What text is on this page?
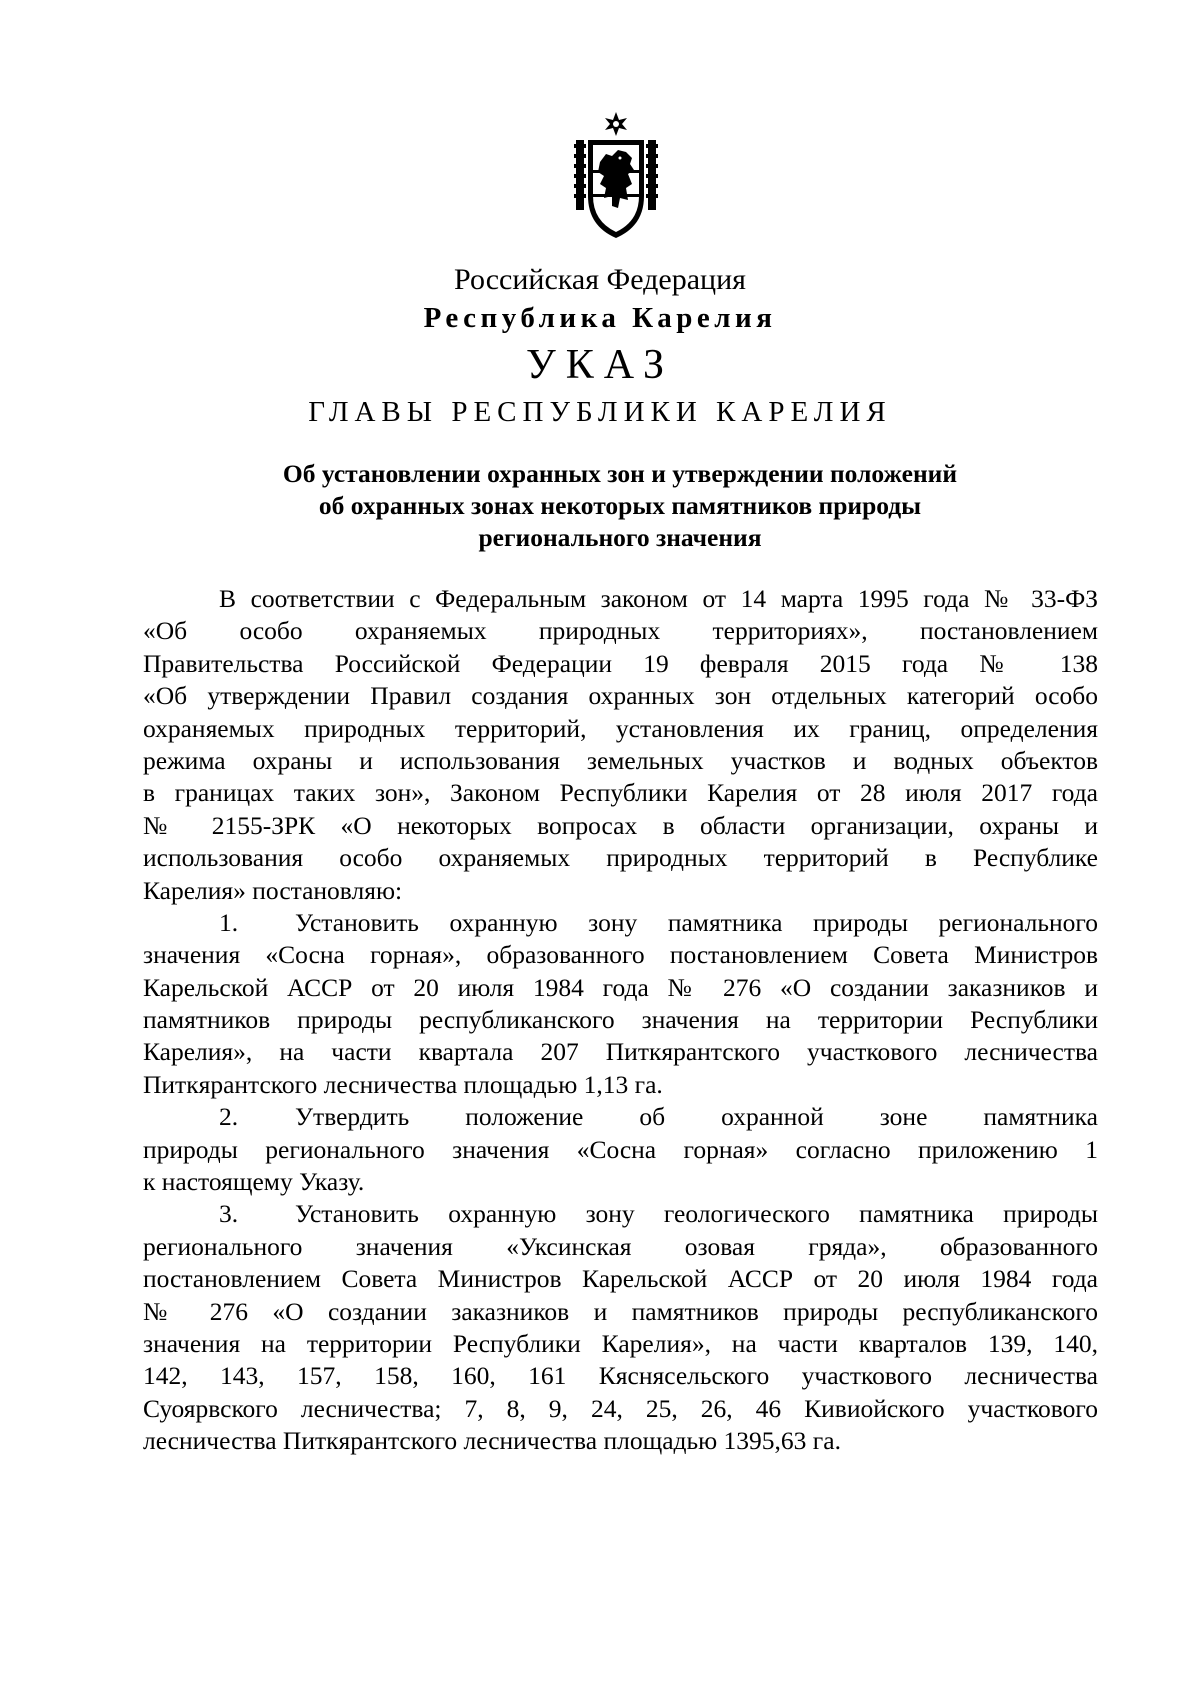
Российская Федерация
Республика Карелия
УКАЗ
ГЛАВЫ РЕСПУБЛИКИ КАРЕЛИЯ
Об установлении охранных зон и утверждении положений
об охранных зонах некоторых памятников природы
регионального значения
В соответствии с Федеральным законом от 14 марта 1995 года № 33-ФЗ
«Об особо охраняемых природных территориях», постановлением
Правительства Российской Федерации 19 февраля 2015 года № 138
«Об утверждении Правил создания охранных зон отдельных категорий особо
охраняемых природных территорий, установления их границ, определения
режима охраны и использования земельных участков и водных объектов
в границах таких зон», Законом Республики Карелия от 28 июля 2017 года
№ 2155-ЗРК «О некоторых вопросах в области организации, охраны и
использования особо охраняемых природных территорий в Республике
Карелия» постановляю:
1. Установить охранную зону памятника природы регионального
значения «Сосна горная», образованного постановлением Совета Министров
Карельской АССР от 20 июля 1984 года № 276 «О создании заказников и
памятников природы республиканского значения на территории Республики
Карелия», на части квартала 207 Питкярантского участкового лесничества
Питкярантского лесничества площадью 1,13 га.
2. Утвердить положение об охранной зоне памятника
природы регионального значения «Сосна горная» согласно приложению 1
к настоящему Указу.
3. Установить охранную зону геологического памятника природы
регионального значения «Уксинская озовая гряда», образованного
постановлением Совета Министров Карельской АССР от 20 июля 1984 года
№ 276 «О создании заказников и памятников природы республиканского
значения на территории Республики Карелия», на части кварталов 139, 140,
142, 143, 157, 158, 160, 161 Кяснясельского участкового лесничества
Суоярвского лесничества; 7, 8, 9, 24, 25, 26, 46 Кивиойского участкового
лесничества Питкярантского лесничества площадью 1395,63 га.
